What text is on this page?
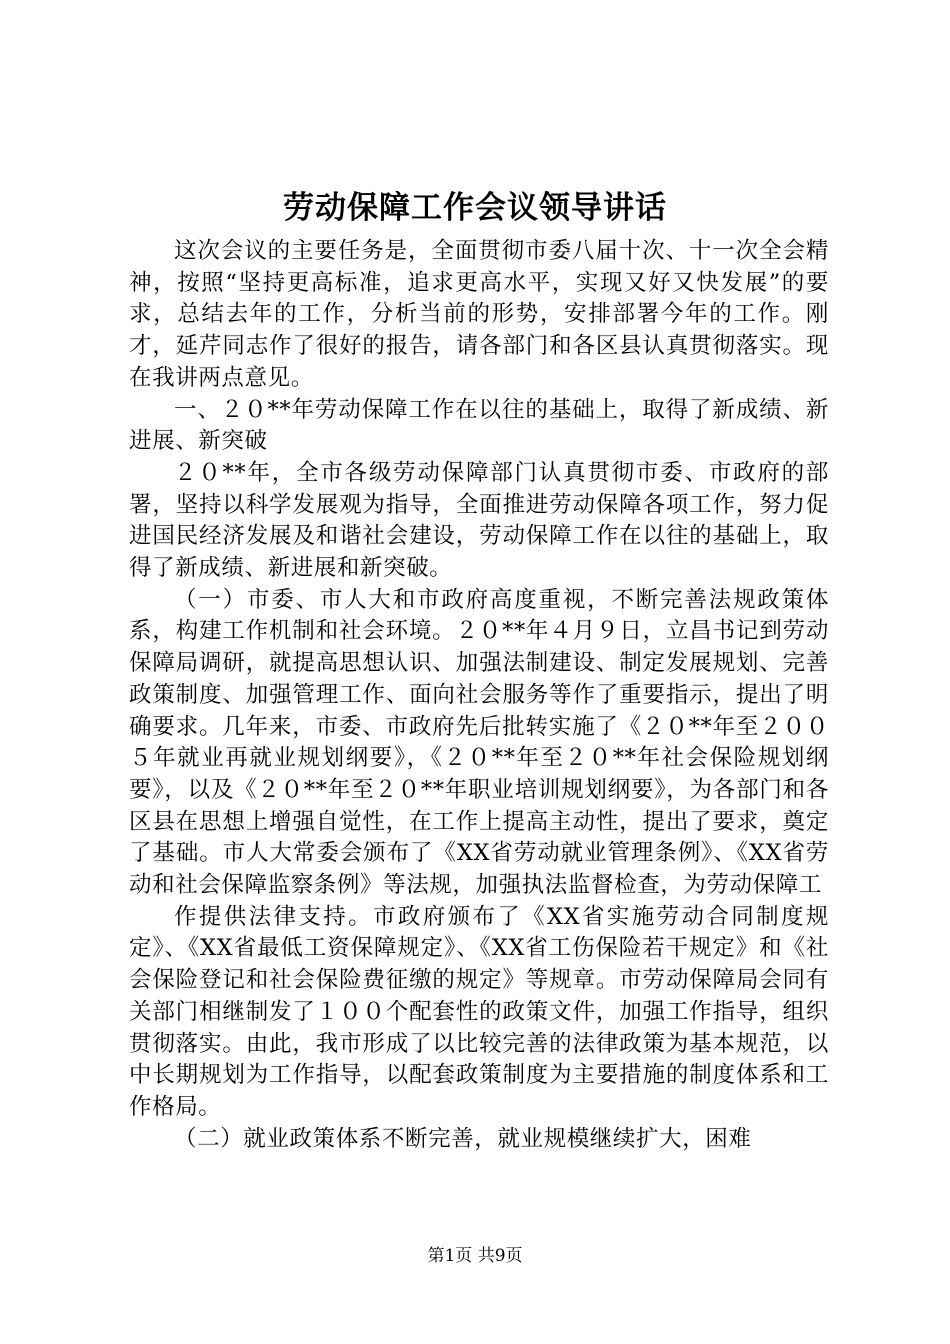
劳动保障工作会议领导讲话

这次会议的主要任务是，全面贯彻市委八届十次、十一次全会精神，按照“坚持更高标准，追求更高水平，实现又好又快发展”的要求，总结去年的工作，分析当前的形势，安排部署今年的工作。刚才，延芹同志作了很好的报告，请各部门和各区县认真贯彻落实。现在我讲两点意见。

一、２０**年劳动保障工作在以往的基础上，取得了新成绩、新进展、新突破

２０**年，全市各级劳动保障部门认真贯彻市委、市政府的部署，坚持以科学发展观为指导，全面推进劳动保障各项工作，努力促进国民经济发展及和谐社会建设，劳动保障工作在以往的基础上，取得了新成绩、新进展和新突破。

（一）市委、市人大和市政府高度重视，不断完善法规政策体系，构建工作机制和社会环境。２０**年４月９日，立昌书记到劳动保障局调研，就提高思想认识、加强法制建设、制定发展规划、完善政策制度、加强管理工作、面向社会服务等作了重要指示，提出了明确要求。几年来，市委、市政府先后批转实施了《２０**年至２００５年就业再就业规划纲要》，《２０**年至２０**年社会保险规划纲要》，以及《２０**年至２０**年职业培训规划纲要》，为各部门和各区县在思想上增强自觉性，在工作上提高主动性，提出了要求，奠定了基础。市人大常委会颁布了《XX省劳动就业管理条例》、《XX省劳动和社会保障监察条例》等法规，加强执法监督检查，为劳动保障工

作提供法律支持。市政府颁布了《XX省实施劳动合同制度规定》、《XX省最低工资保障规定》、《XX省工伤保险若干规定》和《社会保险登记和社会保险费征缴的规定》等规章。市劳动保障局会同有关部门相继制发了１００个配套性的政策文件，加强工作指导，组织贯彻落实。由此，我市形成了以比较完善的法律政策为基本规范，以中长期规划为工作指导，以配套政策制度为主要措施的制度体系和工作格局。

（二）就业政策体系不断完善，就业规模继续扩大，困难

第1页 共9页
